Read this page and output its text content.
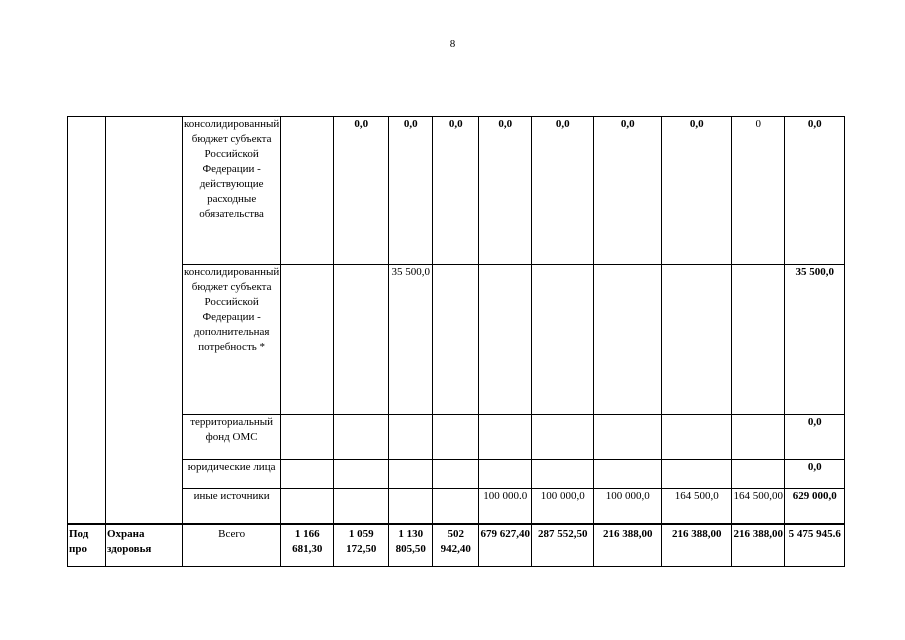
8
		консолидированный бюджет субъекта Российской Федерации - действующие расходные обязательства		0,0	0,0	0,0	0,0	0,0	0,0	0,0	0	0,0
		консолидированный бюджет субъекта Российской Федерации - дополнительная потребность *			35 500,0							35 500,0
		территориальный фонд ОМС										0,0
		юридические лица										0,0
		иные источники					100 000.0	100 000,0	100 000,0	164 500,0	164 500,00	629 000,0
Под про	Охрана здоровья	Всего	1 166 681,30	1 059 172,50	1 130 805,50	502 942,40	679 627,40	287 552,50	216 388,00	216 388,00	216 388,00	5 475 945.6
